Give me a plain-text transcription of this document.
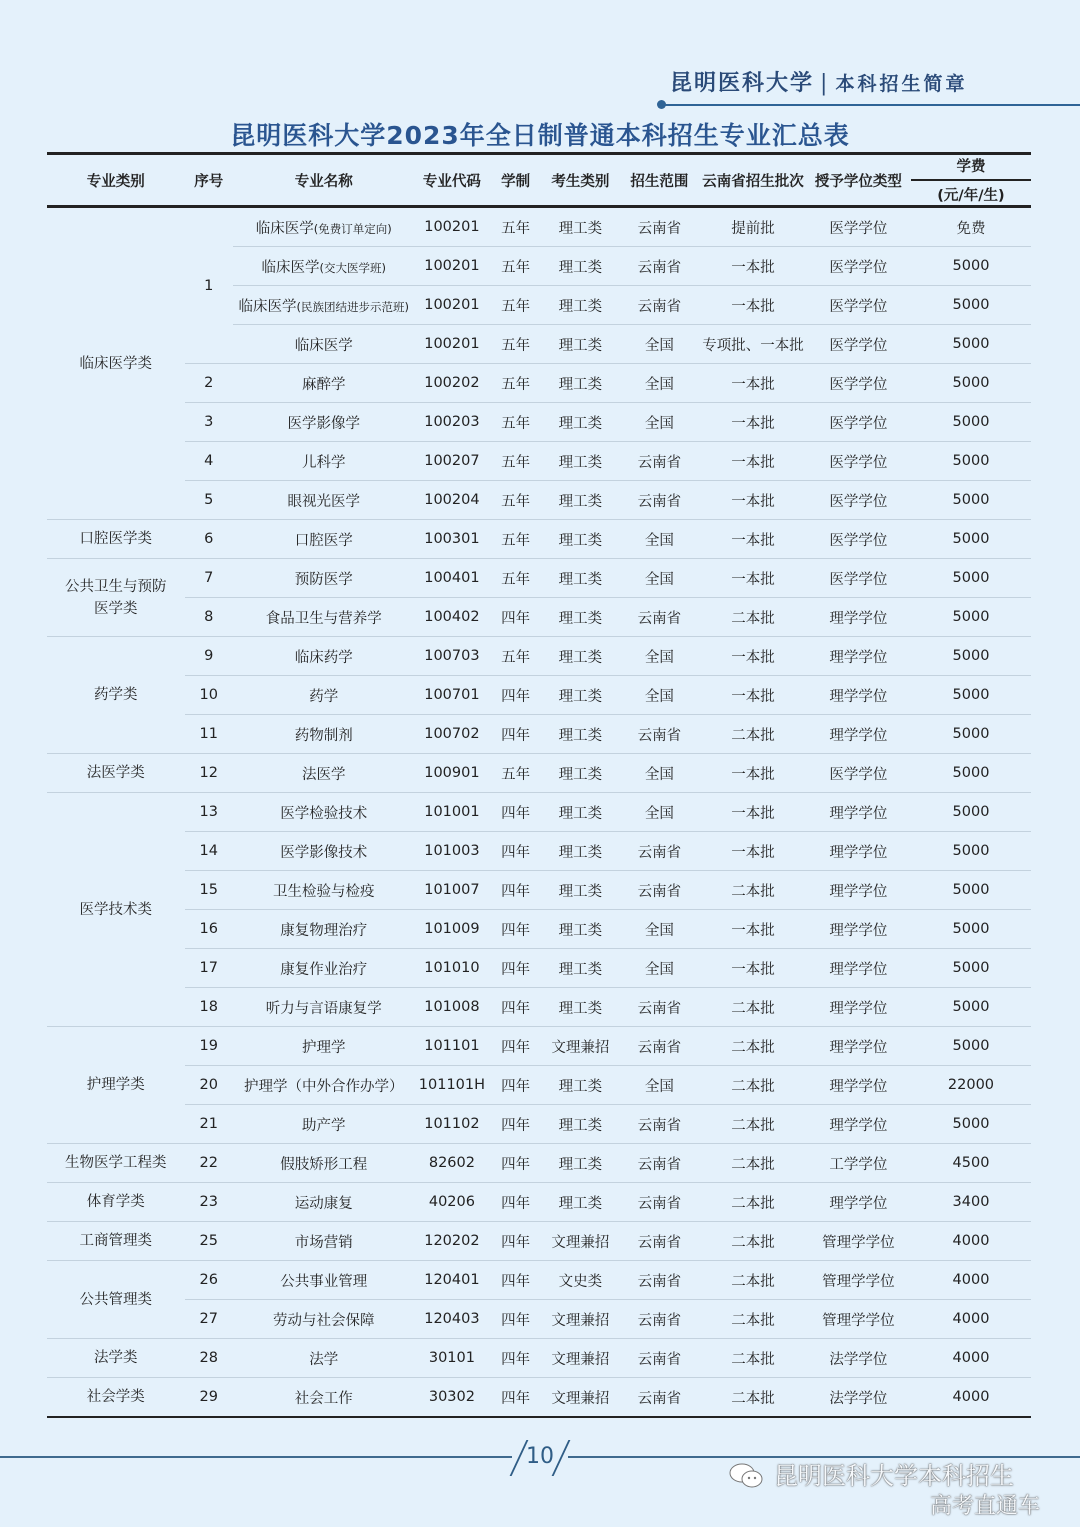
昆明医科大学 | 本科招生简章
昆明医科大学2023年全日制普通本科招生专业汇总表
专业类别	序号	专业名称	专业代码	学制	考生类别	招生范围	云南省招生批次	授予学位类型	学费
(元/年/生)

临床医学类	1	临床医学(免费订单定向)	100201	五年	理工类	云南省	提前批	医学学位	免费
		临床医学(交大医学班)	100201	五年	理工类	云南省	一本批	医学学位	5000
		临床医学(民族团结进步示范班)	100201	五年	理工类	云南省	一本批	医学学位	5000
		临床医学	100201	五年	理工类	全国	专项批、一本批	医学学位	5000
	2	麻醉学	100202	五年	理工类	全国	一本批	医学学位	5000
	3	医学影像学	100203	五年	理工类	全国	一本批	医学学位	5000
	4	儿科学	100207	五年	理工类	云南省	一本批	医学学位	5000
	5	眼视光医学	100204	五年	理工类	云南省	一本批	医学学位	5000
口腔医学类	6	口腔医学	100301	五年	理工类	全国	一本批	医学学位	5000
公共卫生与预防医学类	7	预防医学	100401	五年	理工类	全国	一本批	医学学位	5000
	8	食品卫生与营养学	100402	四年	理工类	云南省	二本批	理学学位	5000
药学类	9	临床药学	100703	五年	理工类	全国	一本批	理学学位	5000
	10	药学	100701	四年	理工类	全国	一本批	理学学位	5000
	11	药物制剂	100702	四年	理工类	云南省	二本批	理学学位	5000
法医学类	12	法医学	100901	五年	理工类	全国	一本批	医学学位	5000
医学技术类	13	医学检验技术	101001	四年	理工类	全国	一本批	理学学位	5000
	14	医学影像技术	101003	四年	理工类	云南省	一本批	理学学位	5000
	15	卫生检验与检疫	101007	四年	理工类	云南省	二本批	理学学位	5000
	16	康复物理治疗	101009	四年	理工类	全国	一本批	理学学位	5000
	17	康复作业治疗	101010	四年	理工类	全国	一本批	理学学位	5000
	18	听力与言语康复学	101008	四年	理工类	云南省	二本批	理学学位	5000
护理学类	19	护理学	101101	四年	文理兼招	云南省	二本批	理学学位	5000
	20	护理学（中外合作办学）	101101H	四年	理工类	全国	二本批	理学学位	22000
	21	助产学	101102	四年	理工类	云南省	二本批	理学学位	5000
生物医学工程类	22	假肢矫形工程	82602	四年	理工类	云南省	二本批	工学学位	4500
体育学类	23	运动康复	40206	四年	理工类	云南省	二本批	理学学位	3400
工商管理类	25	市场营销	120202	四年	文理兼招	云南省	二本批	管理学学位	4000
公共管理类	26	公共事业管理	120401	四年	文史类	云南省	二本批	管理学学位	4000
	27	劳动与社会保障	120403	四年	文理兼招	云南省	二本批	管理学学位	4000
法学类	28	法学	30101	四年	文理兼招	云南省	二本批	法学学位	4000
社会学类	29	社会工作	30302	四年	文理兼招	云南省	二本批	法学学位	4000
10
昆明医科大学本科招生
高考直通车
